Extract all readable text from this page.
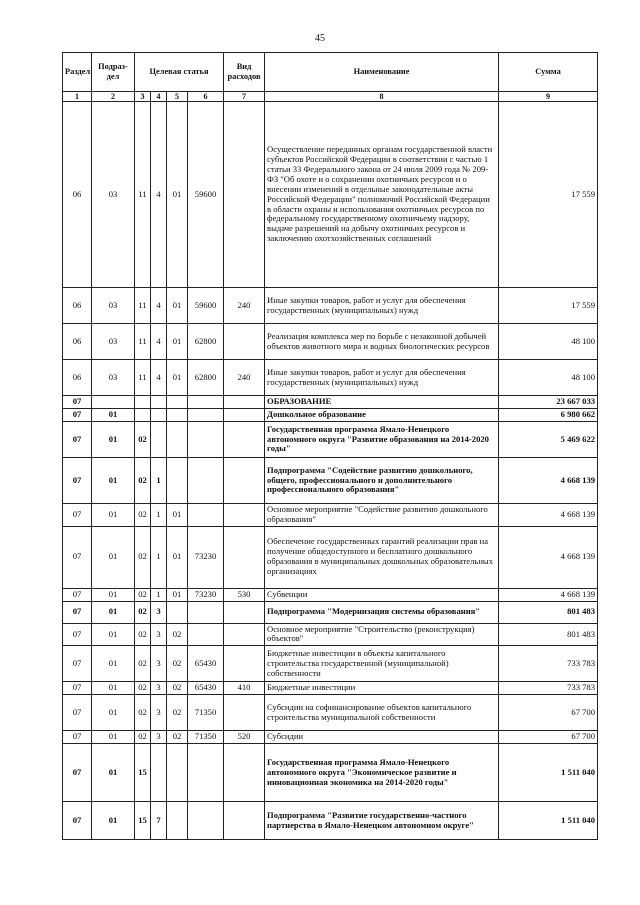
45
Раздел	Подраз-дел	Целевая статья				Вид расходов	Наименование	Сумма
1	2	3	4	5	6	7	8	9
06	03	11	4	01	59600		Осуществление переданных органам государственной власти субъектов Российской Федерации в соответствии с частью 1 статьи 33 Федерального закона от 24 июля 2009 года № 209-ФЗ "Об охоте и о сохранении охотничьих ресурсов и о внесении изменений в отдельные законодательные акты Российской Федерации" полномочий Российской Федерации в области охраны и использования охотничьих ресурсов по федеральному государственному охотничьему надзору, выдаче разрешений на добычу охотничьих ресурсов и заключению охотхозяйственных соглашений	17 559
06	03	11	4	01	59600	240	Иные закупки товаров, работ и услуг для обеспечения государственных (муниципальных) нужд	17 559
06	03	11	4	01	62800		Реализация комплекса мер по борьбе с незаконной добычей объектов животного мира и водных биологических ресурсов	48 100
06	03	11	4	01	62800	240	Иные закупки товаров, работ и услуг для обеспечения государственных (муниципальных) нужд	48 100
07							ОБРАЗОВАНИЕ	23 667 033
07	01						Дошкольное образование	6 980 662
07	01	02					Государственная программа Ямало-Ненецкого автономного округа "Развитие образования на 2014-2020 годы"	5 469 622
07	01	02	1				Подпрограмма "Содействие развитию дошкольного, общего, профессионального и дополнительного профессионального образования"	4 668 139
07	01	02	1	01			Основное мероприятие "Содействие развитию дошкольного образования"	4 668 139
07	01	02	1	01	73230		Обеспечение государственных гарантий реализации прав на получение общедоступного и бесплатного дошкольного образования в муниципальных дошкольных образовательных организациях	4 668 139
07	01	02	1	01	73230	530	Субвенции	4 668 139
07	01	02	3				Подпрограмма "Модернизация системы образования"	801 483
07	01	02	3	02			Основное мероприятие "Строительство (реконструкция) объектов"	801 483
07	01	02	3	02	65430		Бюджетные инвестиции в объекты капитального строительства государственной (муниципальной) собственности	733 783
07	01	02	3	02	65430	410	Бюджетные инвестиции	733 783
07	01	02	3	02	71350		Субсидии на софинансирование объектов капитального строительства муниципальной собственности	67 700
07	01	02	3	02	71350	520	Субсидии	67 700
07	01	15					Государственная программа Ямало-Ненецкого автономного округа "Экономическое развитие и инновационная экономика на 2014-2020 годы"	1 511 040
07	01	15	7				Подпрограмма "Развитие государственно-частного партнерства в Ямало-Ненецком автономном округе"	1 511 040
